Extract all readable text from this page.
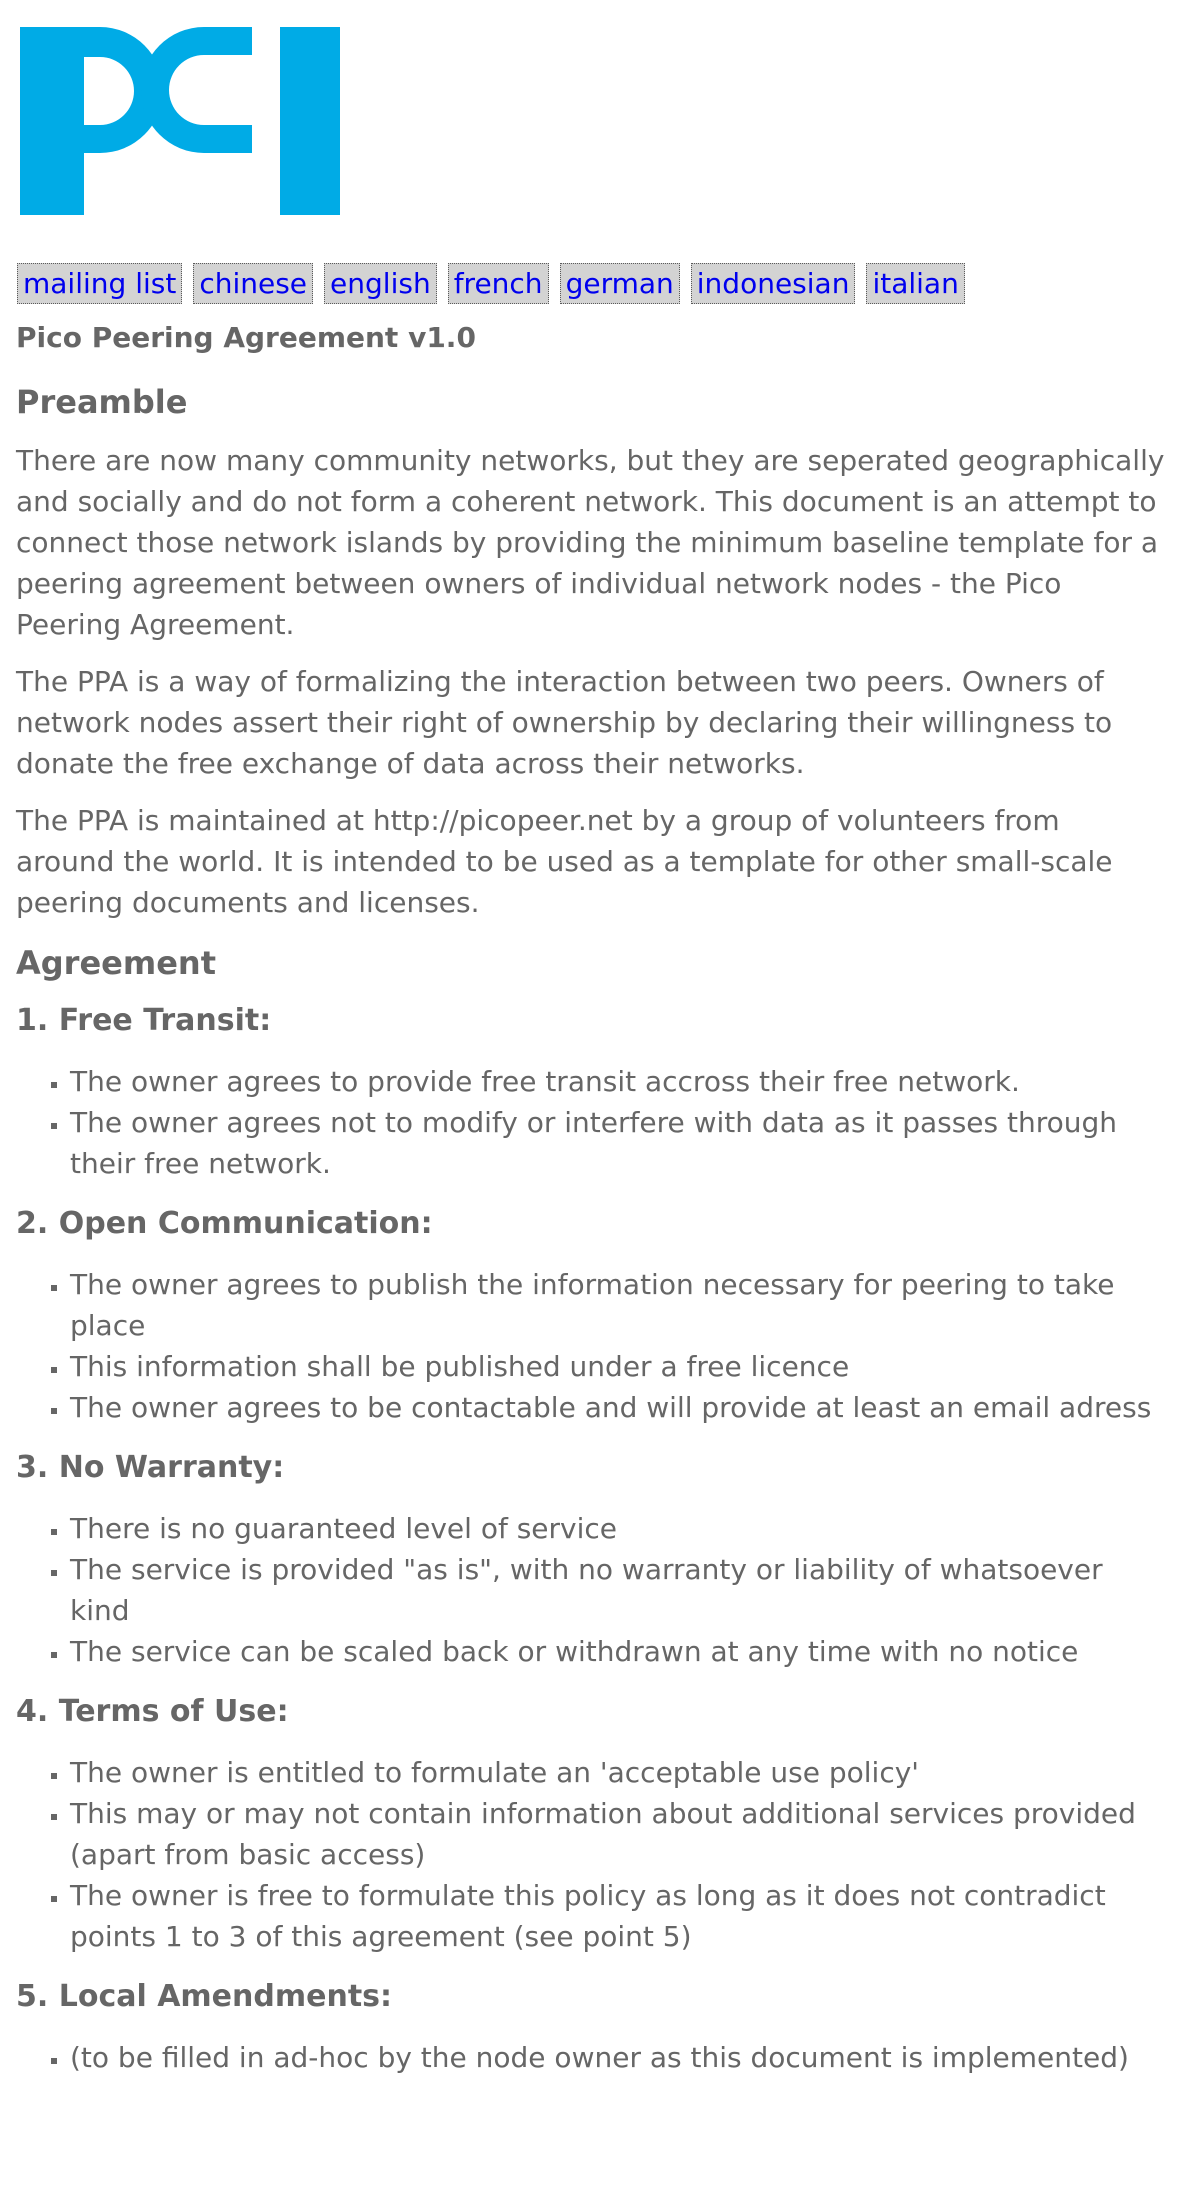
mailing list chinese english french german indonesian italian
Pico Peering Agreement v1.0
Preamble

There are now many community networks, but they are seperated geographically and socially and do not form a coherent network. This document is an attempt to connect those network islands by providing the minimum baseline template for a peering agreement between owners of individual network nodes - the Pico Peering Agreement.

The PPA is a way of formalizing the interaction between two peers. Owners of network nodes assert their right of ownership by declaring their willingness to donate the free exchange of data across their networks.

The PPA is maintained at http://picopeer.net by a group of volunteers from around the world. It is intended to be used as a template for other small-scale peering documents and licenses.

Agreement
1. Free Transit:
▪ The owner agrees to provide free transit accross their free network.
▪ The owner agrees not to modify or interfere with data as it passes through their free network.
2. Open Communication:
▪ The owner agrees to publish the information necessary for peering to take place
▪ This information shall be published under a free licence
▪ The owner agrees to be contactable and will provide at least an email adress
3. No Warranty:
▪ There is no guaranteed level of service
▪ The service is provided "as is", with no warranty or liability of whatsoever kind
▪ The service can be scaled back or withdrawn at any time with no notice
4. Terms of Use:
▪ The owner is entitled to formulate an 'acceptable use policy'
▪ This may or may not contain information about additional services provided (apart from basic access)
▪ The owner is free to formulate this policy as long as it does not contradict points 1 to 3 of this agreement (see point 5)
5. Local Amendments:
▪ (to be filled in ad-hoc by the node owner as this document is implemented)
